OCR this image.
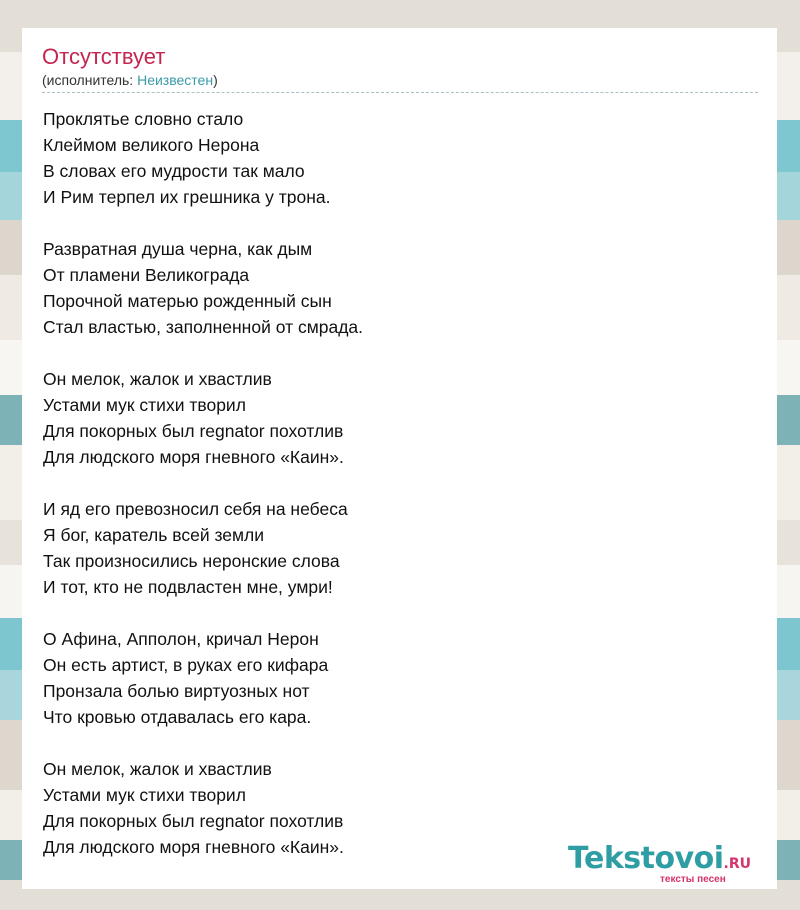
Отсутствует
(исполнитель: Неизвестен)
Проклятье словно стало
Клеймом великого Нерона
В словах его мудрости так мало
И Рим терпел их грешника у трона.
Развратная душа черна, как дым
От пламени Великограда
Порочной матерью рожденный сын
Стал властью, заполненной от смрада.
Он мелок, жалок и хвастлив
Устами мук стихи творил
Для покорных был regnator похотлив
Для людского моря гневного «Каин».
И яд его превозносил себя на небеса
Я бог, каратель всей земли
Так произносились неронские слова
И тот, кто не подвластен мне, умри!
О Афина, Апполон, кричал Нерон
Он есть артист, в руках его кифара
Пронзала болью виртуозных нот
Что кровью отдавалась его кара.
Он мелок, жалок и хвастлив
Устами мук стихи творил
Для покорных был regnator похотлив
Для людского моря гневного «Каин».	Tekstovoi.RU
тексты песен
